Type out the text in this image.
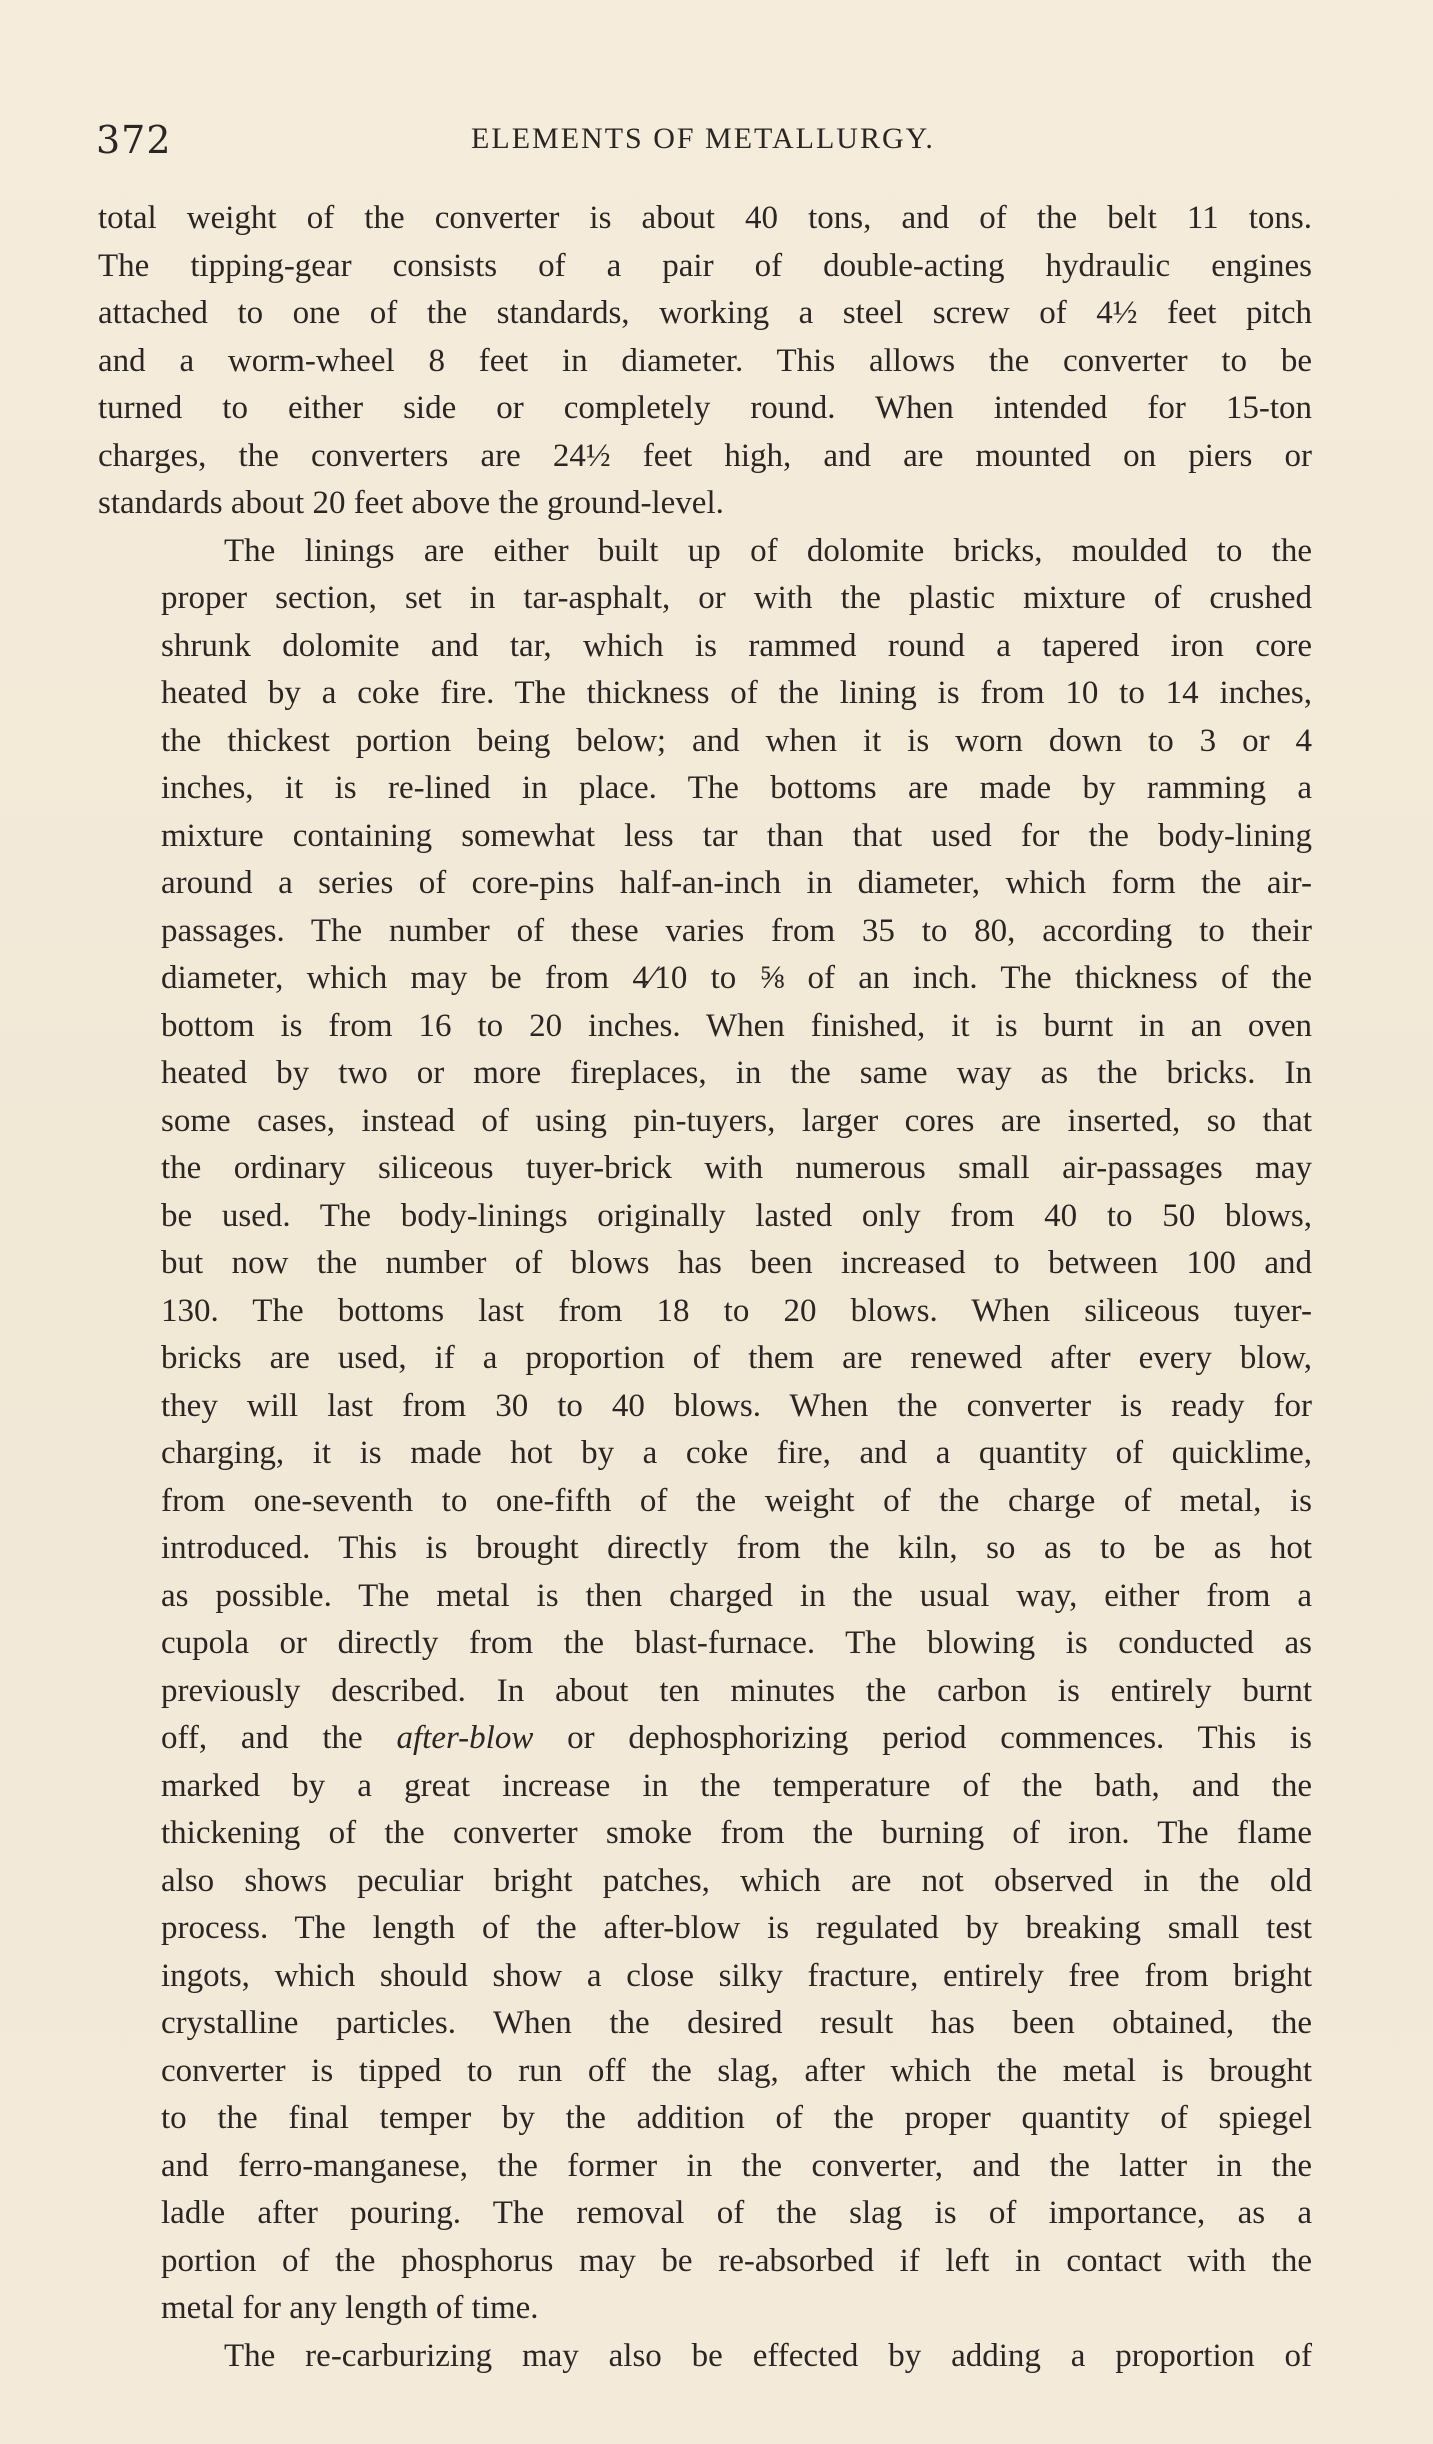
372	ELEMENTS OF METALLURGY.

total weight of the converter is about 40 tons, and of the belt 11 tons.
The tipping-gear consists of a pair of double-acting hydraulic engines
attached to one of the standards, working a steel screw of 4½ feet pitch
and a worm-wheel 8 feet in diameter. This allows the converter to be
turned to either side or completely round. When intended for 15-ton
charges, the converters are 24½ feet high, and are mounted on piers or
standards about 20 feet above the ground-level.

The linings are either built up of dolomite bricks, moulded to the
proper section, set in tar-asphalt, or with the plastic mixture of crushed
shrunk dolomite and tar, which is rammed round a tapered iron core
heated by a coke fire. The thickness of the lining is from 10 to 14 inches,
the thickest portion being below; and when it is worn down to 3 or 4
inches, it is re-lined in place. The bottoms are made by ramming a
mixture containing somewhat less tar than that used for the body-lining
around a series of core-pins half-an-inch in diameter, which form the air-
passages. The number of these varies from 35 to 80, according to their
diameter, which may be from 4⁄10 to ⅝ of an inch. The thickness of the
bottom is from 16 to 20 inches. When finished, it is burnt in an oven
heated by two or more fireplaces, in the same way as the bricks. In
some cases, instead of using pin-tuyers, larger cores are inserted, so that
the ordinary siliceous tuyer-brick with numerous small air-passages may
be used. The body-linings originally lasted only from 40 to 50 blows,
but now the number of blows has been increased to between 100 and
130. The bottoms last from 18 to 20 blows. When siliceous tuyer-
bricks are used, if a proportion of them are renewed after every blow,
they will last from 30 to 40 blows. When the converter is ready for
charging, it is made hot by a coke fire, and a quantity of quicklime,
from one-seventh to one-fifth of the weight of the charge of metal, is
introduced. This is brought directly from the kiln, so as to be as hot
as possible. The metal is then charged in the usual way, either from a
cupola or directly from the blast-furnace. The blowing is conducted as
previously described. In about ten minutes the carbon is entirely burnt
off, and the after-blow or dephosphorizing period commences. This is
marked by a great increase in the temperature of the bath, and the
thickening of the converter smoke from the burning of iron. The flame
also shows peculiar bright patches, which are not observed in the old
process. The length of the after-blow is regulated by breaking small test
ingots, which should show a close silky fracture, entirely free from bright
crystalline particles. When the desired result has been obtained, the
converter is tipped to run off the slag, after which the metal is brought
to the final temper by the addition of the proper quantity of spiegel
and ferro-manganese, the former in the converter, and the latter in the
ladle after pouring. The removal of the slag is of importance, as a
portion of the phosphorus may be re-absorbed if left in contact with the
metal for any length of time.

The re-carburizing may also be effected by adding a proportion of
